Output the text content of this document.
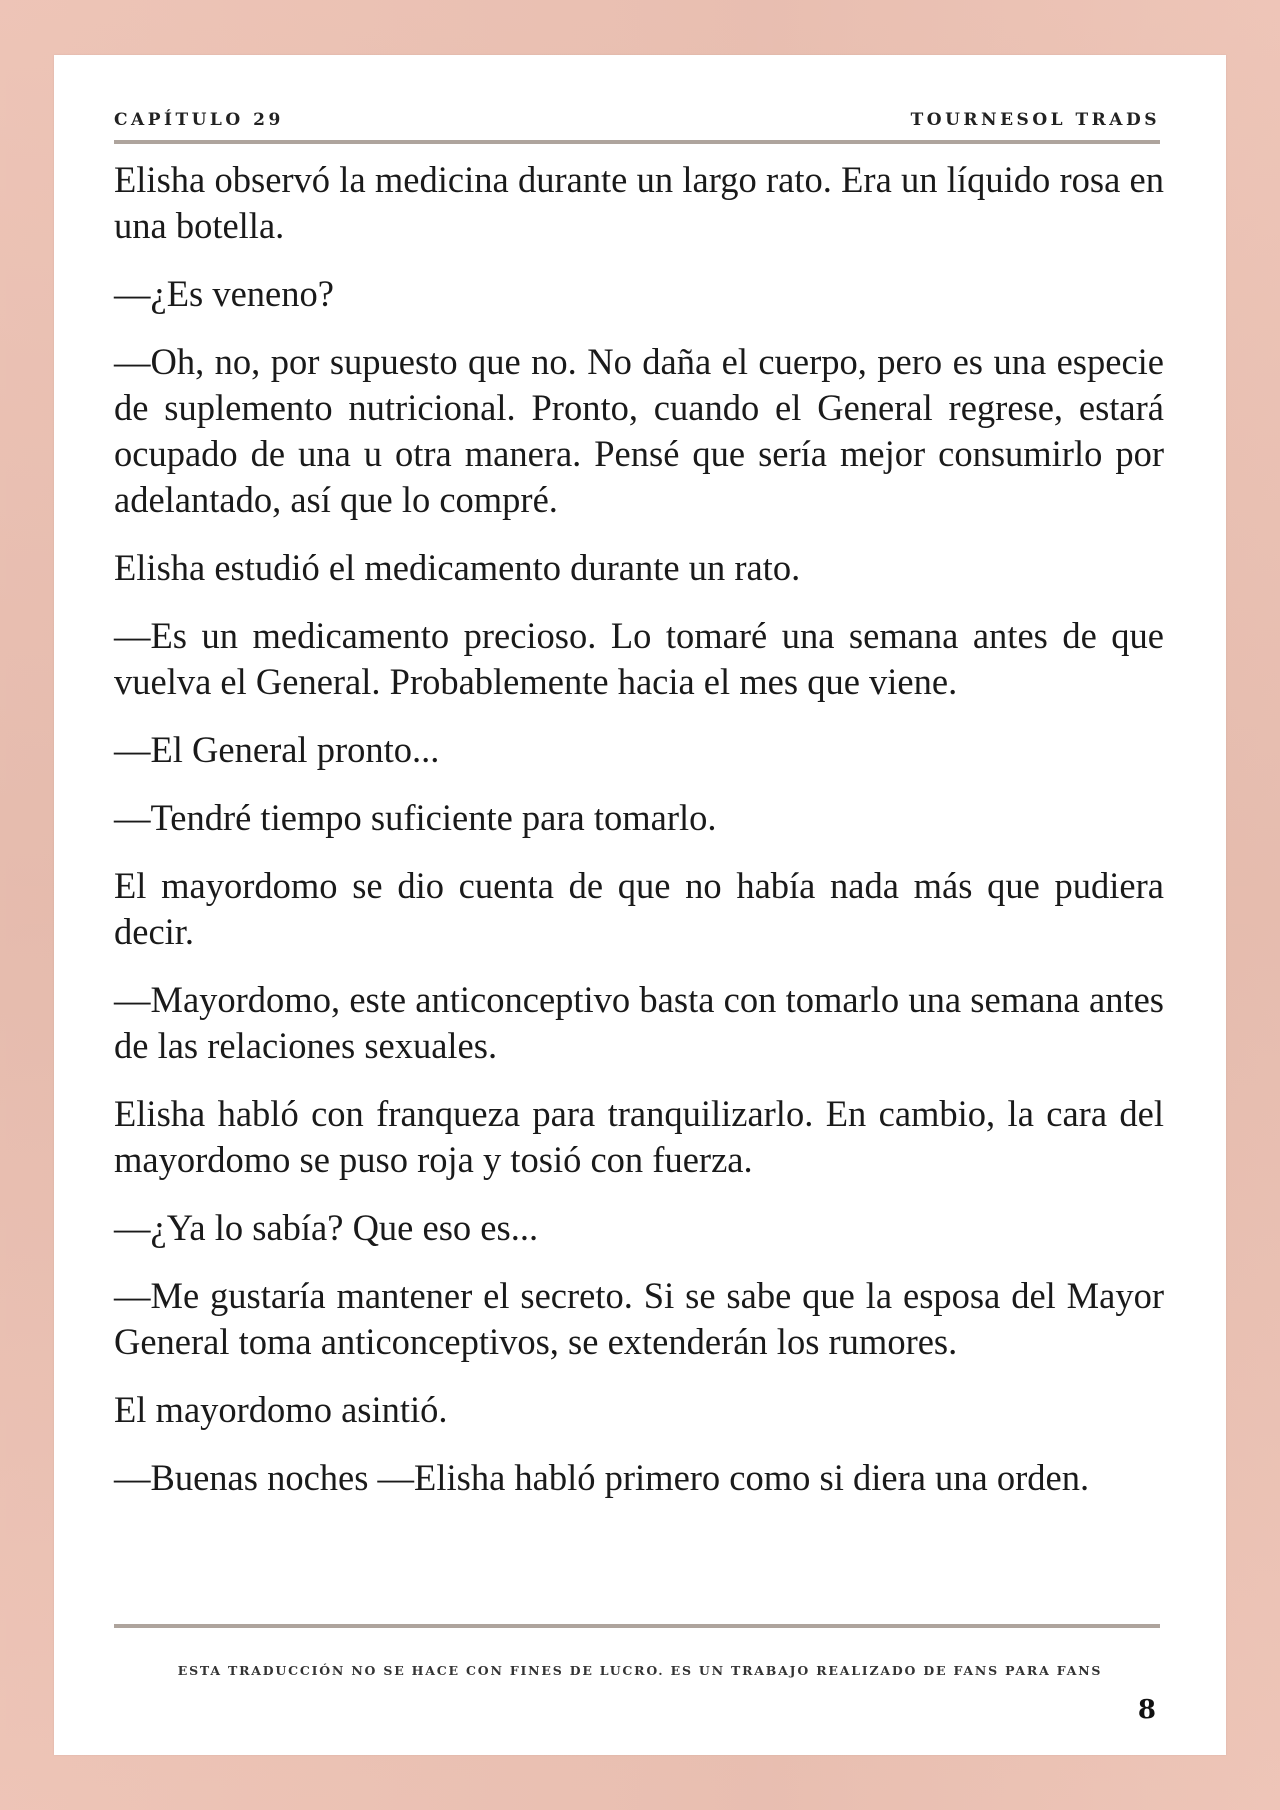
CAPÍTULO 29	TOURNESOL TRADS

Elisha observó la medicina durante un largo rato. Era un líquido rosa en una botella.

—¿Es veneno?

—Oh, no, por supuesto que no. No daña el cuerpo, pero es una especie de suplemento nutricional. Pronto, cuando el General regrese, estará ocupado de una u otra manera. Pensé que sería mejor consumirlo por adelantado, así que lo compré.

Elisha estudió el medicamento durante un rato.

—Es un medicamento precioso. Lo tomaré una semana antes de que vuelva el General. Probablemente hacia el mes que viene.

—El General pronto...

—Tendré tiempo suficiente para tomarlo.

El mayordomo se dio cuenta de que no había nada más que pudiera decir.

—Mayordomo, este anticonceptivo basta con tomarlo una semana antes de las relaciones sexuales.

Elisha habló con franqueza para tranquilizarlo. En cambio, la cara del mayordomo se puso roja y tosió con fuerza.

—¿Ya lo sabía? Que eso es...

—Me gustaría mantener el secreto. Si se sabe que la esposa del Mayor General toma anticonceptivos, se extenderán los rumores.

El mayordomo asintió.

—Buenas noches —Elisha habló primero como si diera una orden.

ESTA TRADUCCIÓN NO SE HACE CON FINES DE LUCRO. ES UN TRABAJO REALIZADO DE FANS PARA FANS
8
